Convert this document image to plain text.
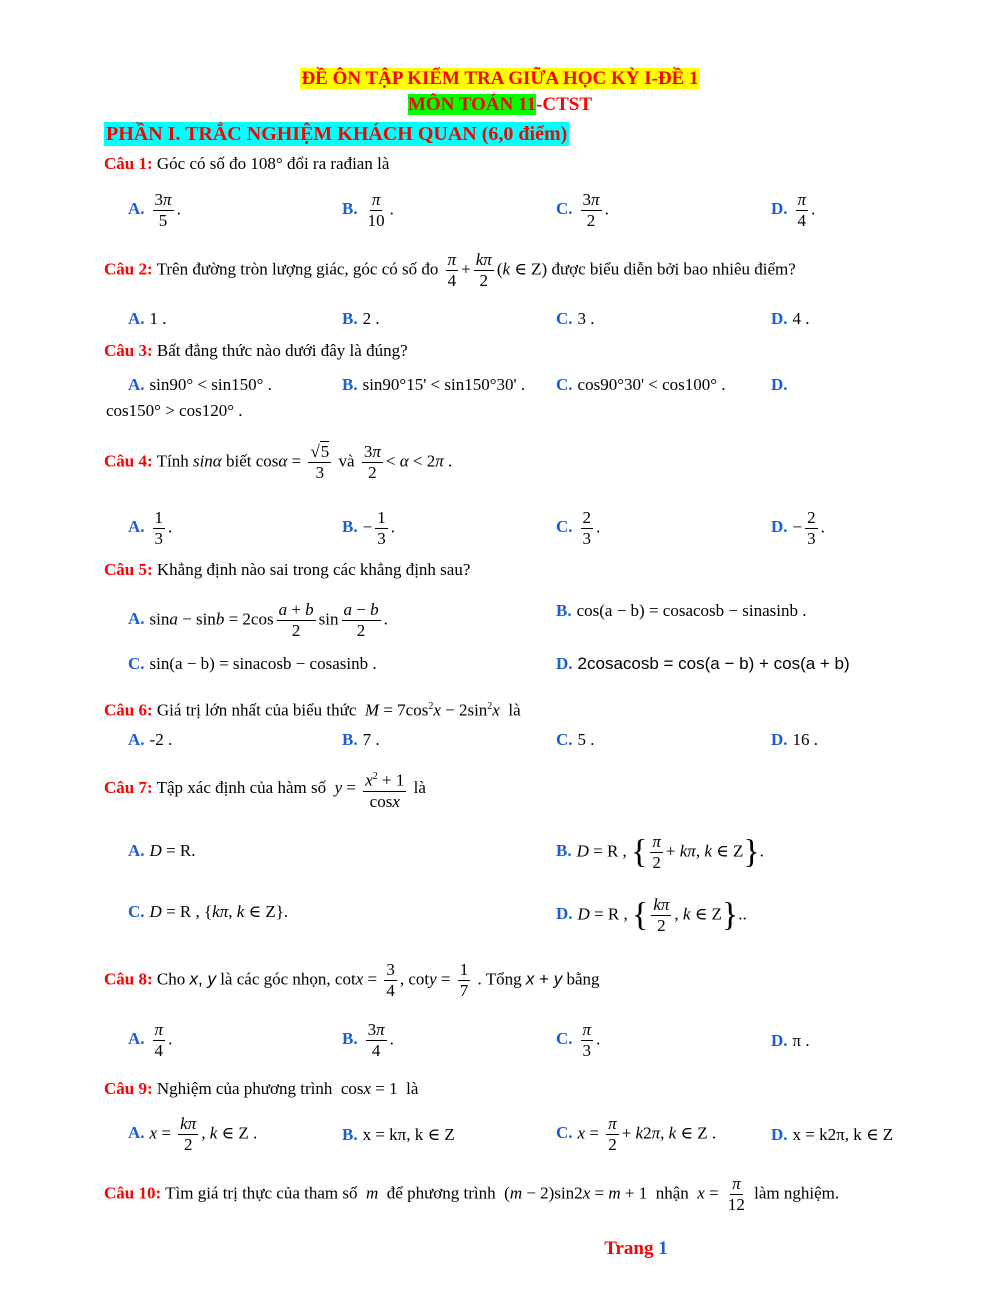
ĐỀ ÔN TẬP KIỂM TRA GIỮA HỌC KỲ I-ĐỀ 1
MÔN TOÁN 11-CTST
PHẦN I. TRẮC NGHIỆM KHÁCH QUAN (6,0 điểm)
Câu 1: Góc có số đo 108° đổi ra rađian là
A. $\frac{3\pi}{5}$ .	B. $\frac{\pi}{10}$ .	C. $\frac{3\pi}{2}$ .	D. $\frac{\pi}{4}$ .
Câu 2: Trên đường tròn lượng giác, góc có số đo $\frac{\pi}{4} + \frac{k\pi}{2} (k$ ∈ Z) được biểu diễn bởi bao nhiêu điểm?
A. 1 .	B. 2 .	C. 3 .	D. 4 .
Câu 3: Bất đẳng thức nào dưới đây là đúng?
A. sin90° < sin150° .	B. sin90°15' < sin150°30' . C. cos90°30' < cos100° .	D.
cos150° > cos120° .
Câu 4: Tính sinα biết $\cos\alpha = \frac{√5}{3}$ và $\frac{3\pi}{2} < \alpha < 2\pi$ .
A. $\frac{1}{3}$ .	B. − $\frac{1}{3}$ .	C. $\frac{2}{3}$ .	D. − $\frac{2}{3}$ .
Câu 5: Khẳng định nào sai trong các khẳng định sau?
A. $\sin a - \sin b = 2\cos \frac{a + b}{2}$ $\sin \frac{a - b}{2}$ .	B. cos(a − b) = cosacosb − sinasinb .
C. sin(a − b) = sinacosb − cosasinb .	D. 2cosacosb = cos(a − b) + cos(a + b)
Câu 6: Giá trị lớn nhất của biểu thức $M = 7\cos^2x - 2\sin^2x$ là
A. -2 .	B. 7 .	C. 5 .	D. 16 .
Câu 7: Tập xác định của hàm số $y = \frac{x^2 + 1}{\cos x}$ là
A. D = R.	B. D = R , { $\frac{\pi}{2} + k\pi$, k ∈ Z}.
C. D = R , {kπ, k ∈ Z}.	D. D = R , { $\frac{k\pi}{2}$ , k ∈ Z}..
Câu 8: Cho x, y là các góc nhọn, $\cot x = \frac{3}{4}$ , $\cot y = \frac{1}{7}$ . Tổng x + y bằng
A. $\frac{\pi}{4}$ .	B. $\frac{3\pi}{4}$ .	C. $\frac{\pi}{3}$ .	D. π .
Câu 9: Nghiệm của phương trình  cosx = 1  là
A. $x = \frac{k\pi}{2}$ , k ∈ Z .	B. x = kπ, k ∈ Z	C. $x = \frac{\pi}{2} + k2\pi$, k ∈ Z .	D. x = k2π, k ∈ Z
Câu 10: Tìm giá trị thực của tham số m để phương trình  (m − 2)sin2x = m + 1  nhận $x = \frac{\pi}{12}$ làm nghiệm.
Trang 1
